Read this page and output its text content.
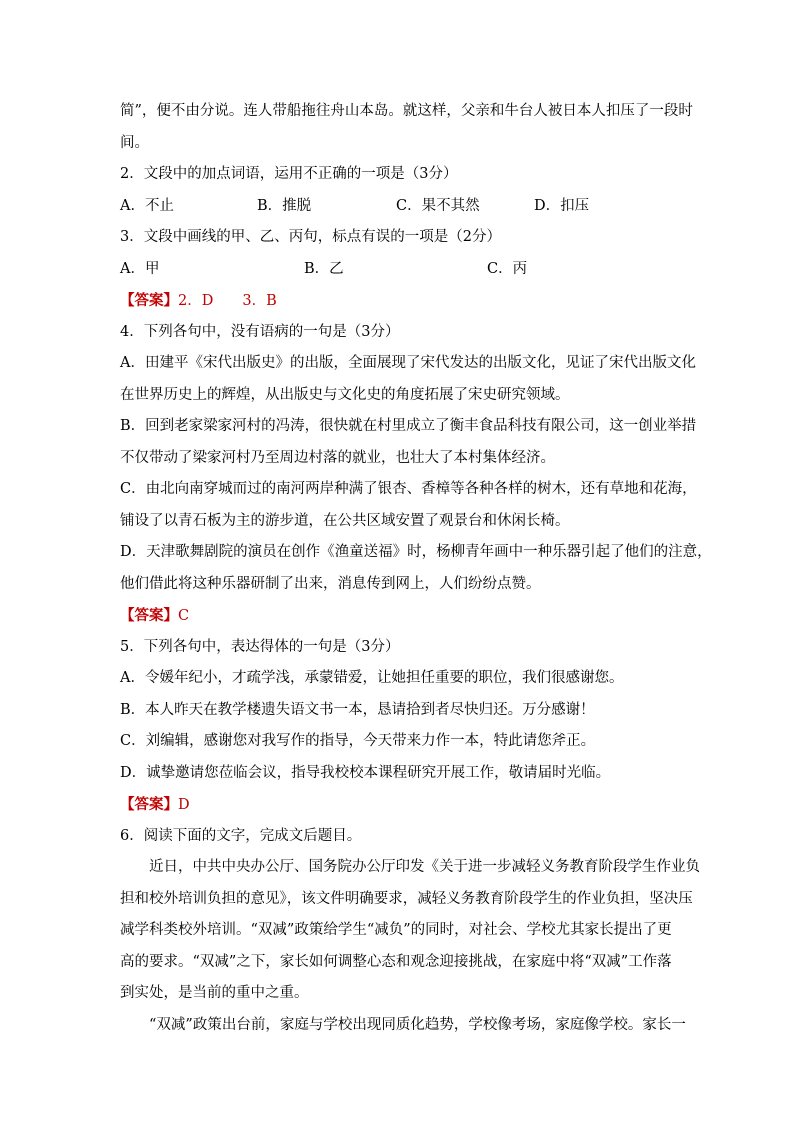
简”，便不由分说。连人带船拖往舟山本岛。就这样，父亲和牛台人被日本人扣压了一段时
间。
2．文段中的加点词语，运用不正确的一项是（3分）
A．不止	B．推脱	C．果不其然	D．扣压
3．文段中画线的甲、乙、丙句，标点有误的一项是（2分）
A．甲	B．乙	C．丙
【答案】2．D　　3．B
4．下列各句中，没有语病的一句是（3分）
A．田建平《宋代出版史》的出版，全面展现了宋代发达的出版文化，见证了宋代出版文化
在世界历史上的辉煌，从出版史与文化史的角度拓展了宋史研究领域。
B．回到老家梁家河村的冯涛，很快就在村里成立了衡丰食品科技有限公司，这一创业举措
不仅带动了梁家河村乃至周边村落的就业，也壮大了本村集体经济。
C．由北向南穿城而过的南河两岸种满了银杏、香樟等各种各样的树木，还有草地和花海，
铺设了以青石板为主的游步道，在公共区域安置了观景台和休闲长椅。
D．天津歌舞剧院的演员在创作《渔童送福》时，杨柳青年画中一种乐器引起了他们的注意，
他们借此将这种乐器研制了出来，消息传到网上，人们纷纷点赞。
【答案】C
5．下列各句中，表达得体的一句是（3分）
A．令媛年纪小，才疏学浅，承蒙错爱，让她担任重要的职位，我们很感谢您。
B．本人昨天在教学楼遗失语文书一本，恳请拾到者尽快归还。万分感谢！
C．刘编辑，感谢您对我写作的指导，今天带来力作一本，特此请您斧正。
D．诚挚邀请您莅临会议，指导我校校本课程研究开展工作，敬请届时光临。
【答案】D
6．阅读下面的文字，完成文后题目。
近日，中共中央办公厅、国务院办公厅印发《关于进一步减轻义务教育阶段学生作业负
担和校外培训负担的意见》，该文件明确要求，减轻义务教育阶段学生的作业负担，坚决压
减学科类校外培训。“双减”政策给学生“减负”的同时，对社会、学校尤其家长提出了更
高的要求。“双减”之下，家长如何调整心态和观念迎接挑战，在家庭中将“双减”工作落
到实处，是当前的重中之重。
“双减”政策出台前，家庭与学校出现同质化趋势，学校像考场，家庭像学校。家长一
